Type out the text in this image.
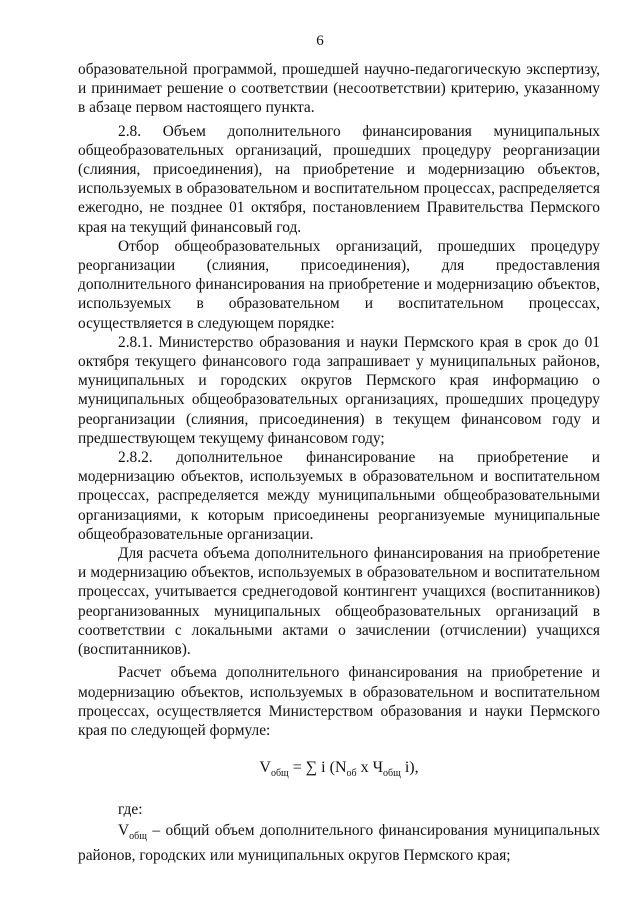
6

образовательной программой, прошедшей научно-педагогическую экспертизу, и принимает решение о соответствии (несоответствии) критерию, указанному в абзаце первом настоящего пункта.

2.8. Объем дополнительного финансирования муниципальных общеобразовательных организаций, прошедших процедуру реорганизации (слияния, присоединения), на приобретение и модернизацию объектов, используемых в образовательном и воспитательном процессах, распределяется ежегодно, не позднее 01 октября, постановлением Правительства Пермского края на текущий финансовый год.

Отбор общеобразовательных организаций, прошедших процедуру реорганизации (слияния, присоединения), для предоставления дополнительного финансирования на приобретение и модернизацию объектов, используемых в образовательном и воспитательном процессах, осуществляется в следующем порядке:

2.8.1. Министерство образования и науки Пермского края в срок до 01 октября текущего финансового года запрашивает у муниципальных районов, муниципальных и городских округов Пермского края информацию о муниципальных общеобразовательных организациях, прошедших процедуру реорганизации (слияния, присоединения) в текущем финансовом году и предшествующем текущему финансовом году;

2.8.2. дополнительное финансирование на приобретение и модернизацию объектов, используемых в образовательном и воспитательном процессах, распределяется между муниципальными общеобразовательными организациями, к которым присоединены реорганизуемые муниципальные общеобразовательные организации.

Для расчета объема дополнительного финансирования на приобретение и модернизацию объектов, используемых в образовательном и воспитательном процессах, учитывается среднегодовой контингент учащихся (воспитанников) реорганизованных муниципальных общеобразовательных организаций в соответствии с локальными актами о зачислении (отчислении) учащихся (воспитанников).

Расчет объема дополнительного финансирования на приобретение и модернизацию объектов, используемых в образовательном и воспитательном процессах, осуществляется Министерством образования и науки Пермского края по следующей формуле:

$V_{общ}$ = ∑ i ($N_{об}$ х $Ч_{общ}$ i),

где:

$V_{общ}$ – общий объем дополнительного финансирования муниципальных районов, городских или муниципальных округов Пермского края;
